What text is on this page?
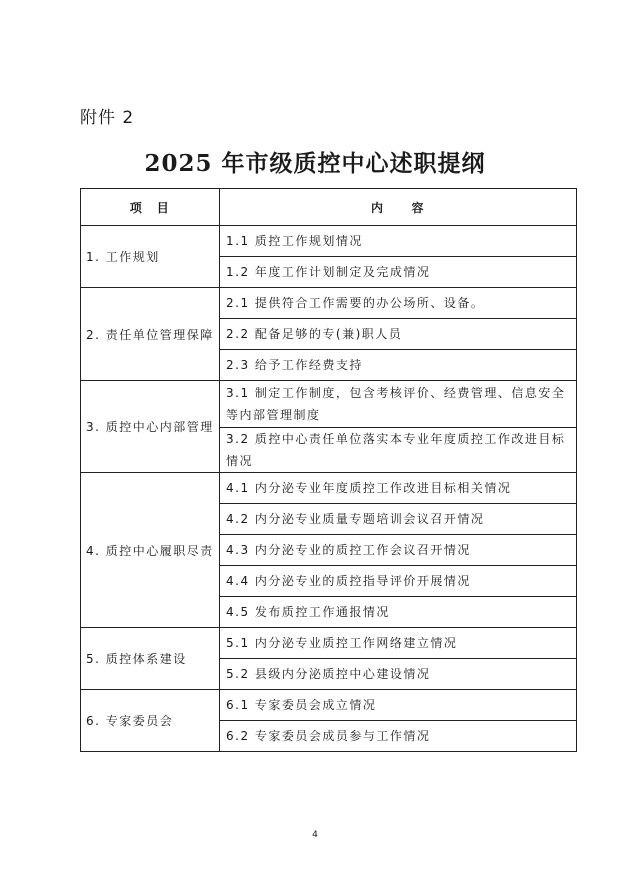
附件 2
2025 年市级质控中心述职提纲
项　目	内　　容
1. 工作规划	1.1 质控工作规划情况
	1.2 年度工作计划制定及完成情况
2. 责任单位管理保障	2.1 提供符合工作需要的办公场所、设备。
	2.2 配备足够的专(兼)职人员
	2.3 给予工作经费支持
3. 质控中心内部管理	3.1 制定工作制度，包含考核评价、经费管理、信息安全等内部管理制度
	3.2 质控中心责任单位落实本专业年度质控工作改进目标情况
4. 质控中心履职尽责	4.1 内分泌专业年度质控工作改进目标相关情况
	4.2 内分泌专业质量专题培训会议召开情况
	4.3 内分泌专业的质控工作会议召开情况
	4.4 内分泌专业的质控指导评价开展情况
	4.5 发布质控工作通报情况
5. 质控体系建设	5.1 内分泌专业质控工作网络建立情况
	5.2 县级内分泌质控中心建设情况
6. 专家委员会	6.1 专家委员会成立情况
	6.2 专家委员会成员参与工作情况
4
